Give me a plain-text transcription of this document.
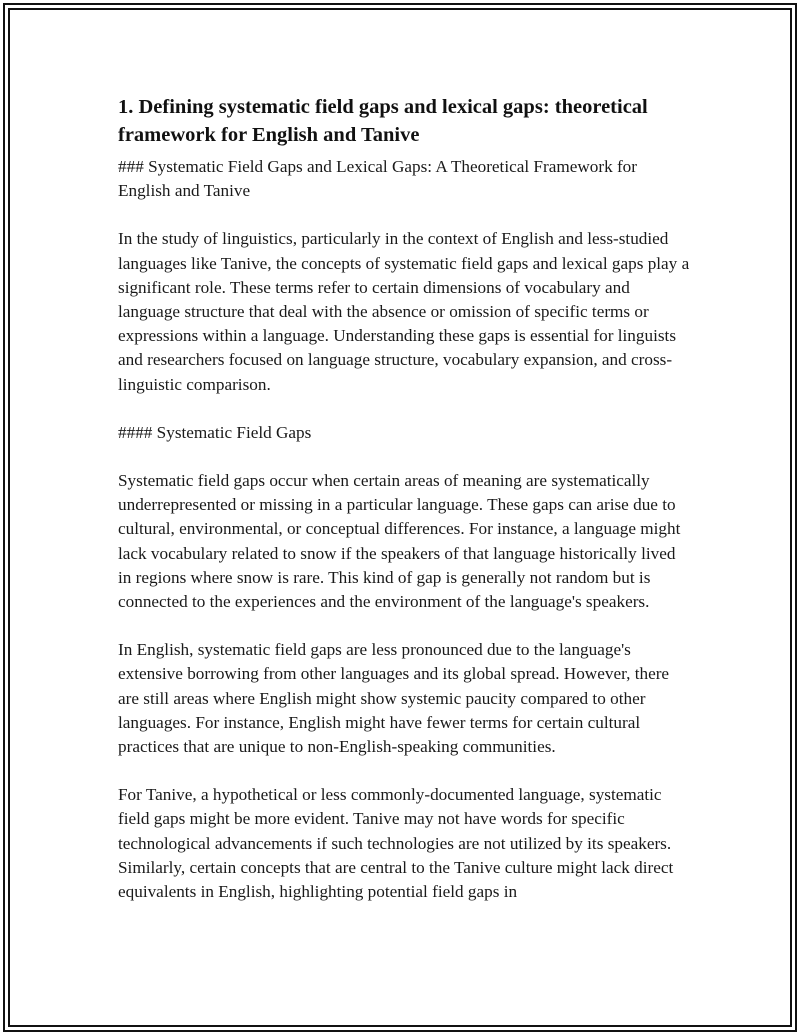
1. Defining systematic field gaps and lexical gaps: theoretical framework for English and Tanive

### Systematic Field Gaps and Lexical Gaps: A Theoretical Framework for English and Tanive

In the study of linguistics, particularly in the context of English and less-studied languages like Tanive, the concepts of systematic field gaps and lexical gaps play a significant role. These terms refer to certain dimensions of vocabulary and language structure that deal with the absence or omission of specific terms or expressions within a language. Understanding these gaps is essential for linguists and researchers focused on language structure, vocabulary expansion, and cross-linguistic comparison.

#### Systematic Field Gaps

Systematic field gaps occur when certain areas of meaning are systematically underrepresented or missing in a particular language. These gaps can arise due to cultural, environmental, or conceptual differences. For instance, a language might lack vocabulary related to snow if the speakers of that language historically lived in regions where snow is rare. This kind of gap is generally not random but is connected to the experiences and the environment of the language's speakers.

In English, systematic field gaps are less pronounced due to the language's extensive borrowing from other languages and its global spread. However, there are still areas where English might show systemic paucity compared to other languages. For instance, English might have fewer terms for certain cultural practices that are unique to non-English-speaking communities.

For Tanive, a hypothetical or less commonly-documented language, systematic field gaps might be more evident. Tanive may not have words for specific technological advancements if such technologies are not utilized by its speakers. Similarly, certain concepts that are central to the Tanive culture might lack direct equivalents in English, highlighting potential field gaps in
